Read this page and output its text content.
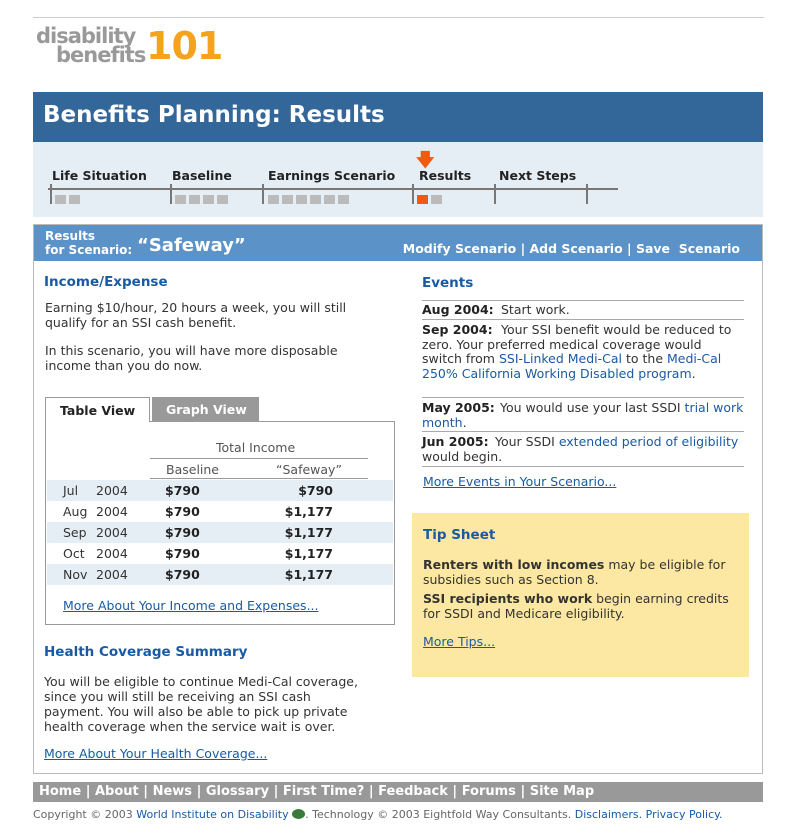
disability
benefits 101
Benefits Planning: Results
🡇
Life Situation Baseline	Earnings Scenario Results Next Steps
Results
for Scenario: “Safeway”	Modify Scenario | Add Scenario | Save  Scenario
Income/Expense
Earning $10/hour, 20 hours a week, you will still qualify for an SSI cash benefit.
In this scenario, you will have more disposable income than you do now.
Table View	Graph View
Total Income
Baseline	“Safeway”
Jul 2004	$790	$790
Aug 2004	$790	$1,177
Sep 2004	$790	$1,177
Oct 2004	$790	$1,177
Nov 2004	$790	$1,177
More About Your Income and Expenses...
Health Coverage Summary
You will be eligible to continue Medi-Cal coverage, since you will still be receiving an SSI cash payment. You will also be able to pick up private health coverage when the service wait is over.
More About Your Health Coverage...
Events
Aug 2004: Start work.
Sep 2004: Your SSI benefit would be reduced to zero. Your preferred medical coverage would switch from SSI-Linked Medi-Cal to the Medi-Cal 250% California Working Disabled program.
May 2005: You would use your last SSDI trial work month.
Jun 2005: Your SSDI extended period of eligibility would begin.
More Events in Your Scenario...
Tip Sheet
Renters with low incomes may be eligible for subsidies such as Section 8.
SSI recipients who work begin earning credits for SSDI and Medicare eligibility.
More Tips...
Home | About | News | Glossary | First Time? | Feedback | Forums | Site Map
Copyright © 2003 World Institute on Disability . Technology © 2003 Eightfold Way Consultants. Disclaimers. Privacy Policy.
